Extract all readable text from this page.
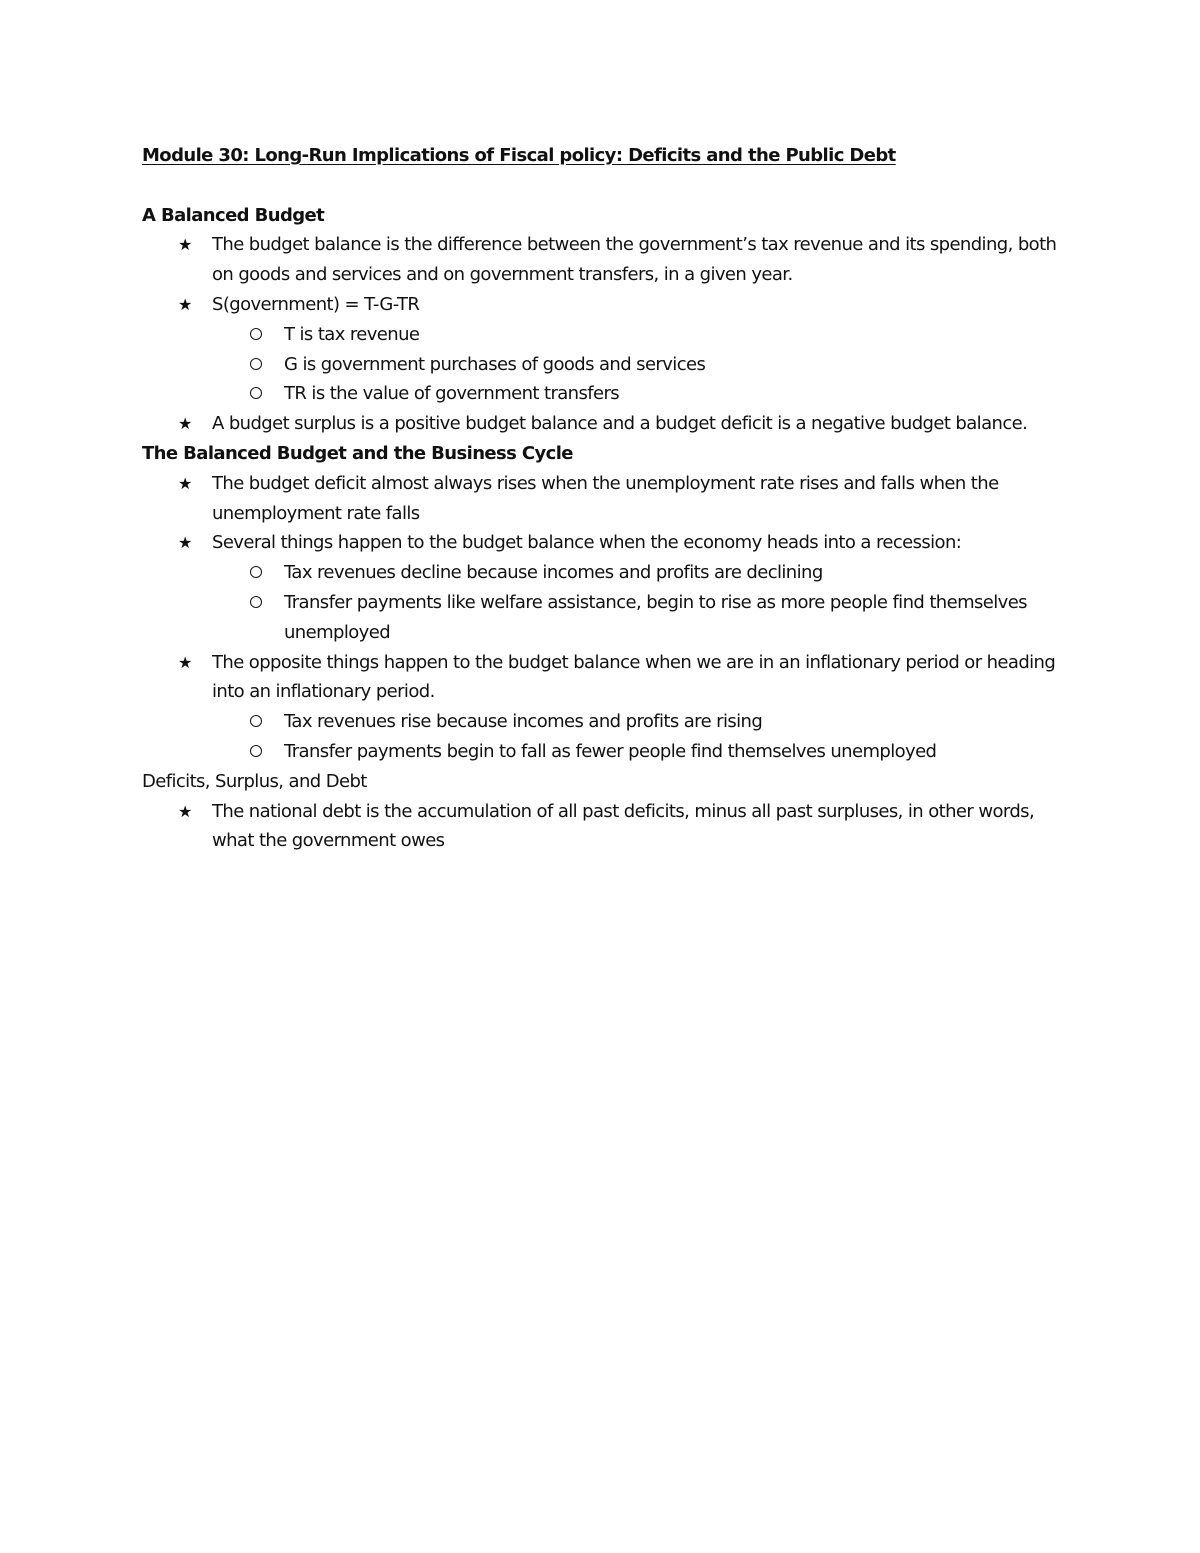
Module 30: Long-Run Implications of Fiscal policy: Deficits and the Public Debt
A Balanced Budget
★ The budget balance is the difference between the government’s tax revenue and its spending, both on goods and services and on government transfers, in a given year.
★ S(government) = T-G-TR
T is tax revenue
G is government purchases of goods and services
TR is the value of government transfers
★ A budget surplus is a positive budget balance and a budget deficit is a negative budget balance.
The Balanced Budget and the Business Cycle
★ The budget deficit almost always rises when the unemployment rate rises and falls when the unemployment rate falls
★ Several things happen to the budget balance when the economy heads into a recession:
Tax revenues decline because incomes and profits are declining
Transfer payments like welfare assistance, begin to rise as more people find themselves unemployed
★ The opposite things happen to the budget balance when we are in an inflationary period or heading into an inflationary period.
Tax revenues rise because incomes and profits are rising
Transfer payments begin to fall as fewer people find themselves unemployed
Deficits, Surplus, and Debt
★ The national debt is the accumulation of all past deficits, minus all past surpluses, in other words, what the government owes
